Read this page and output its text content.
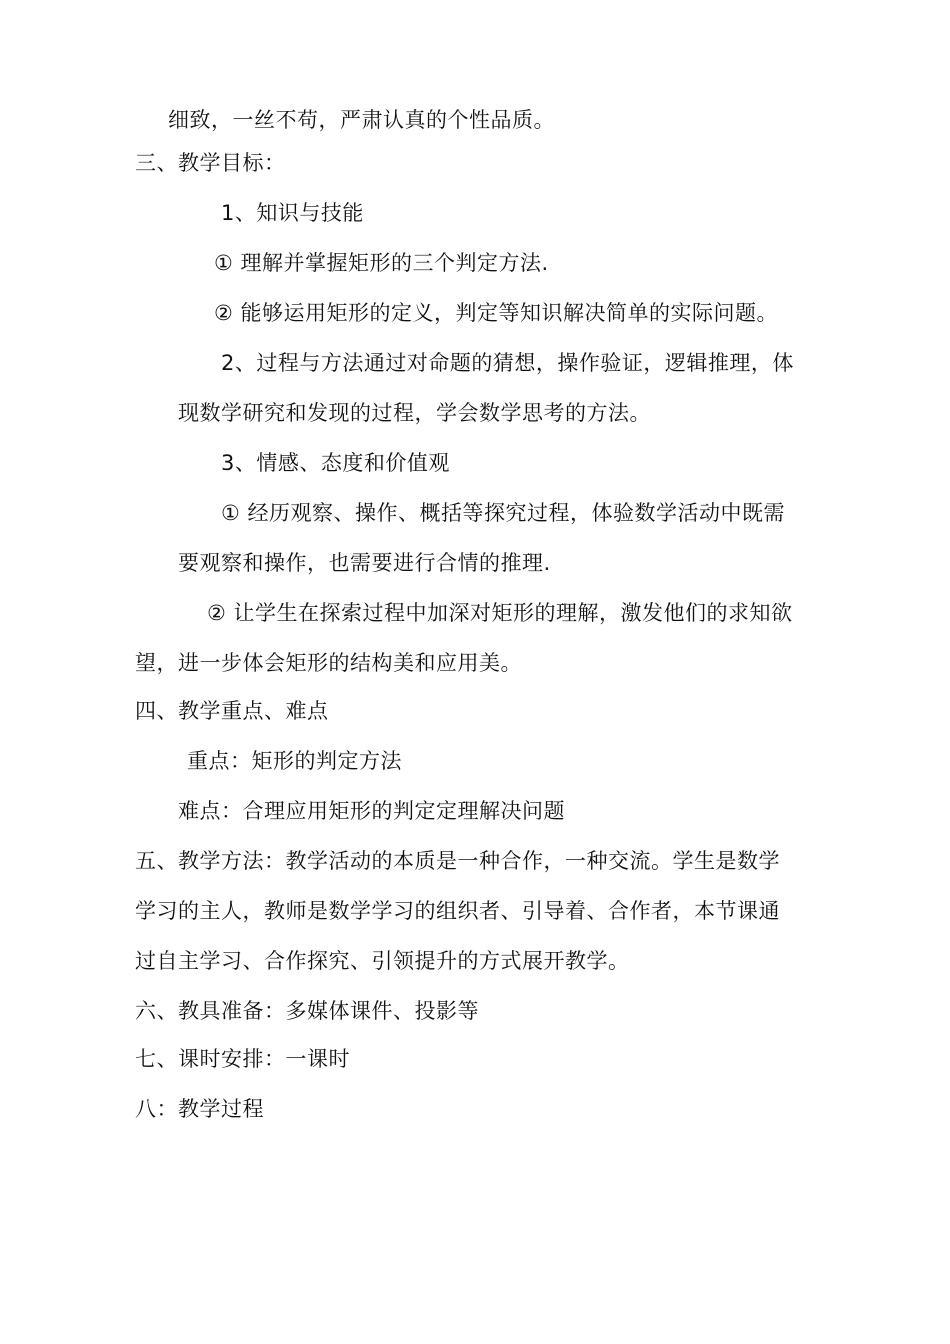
细致，一丝不苟，严肃认真的个性品质。
三、教学目标：
1、知识与技能
① 理解并掌握矩形的三个判定方法.
② 能够运用矩形的定义，判定等知识解决简单的实际问题。
2、过程与方法通过对命题的猜想，操作验证，逻辑推理，体
现数学研究和发现的过程，学会数学思考的方法。
3、情感、态度和价值观
① 经历观察、操作、概括等探究过程，体验数学活动中既需
要观察和操作，也需要进行合情的推理.
② 让学生在探索过程中加深对矩形的理解，激发他们的求知欲
望，进一步体会矩形的结构美和应用美。
四、教学重点、难点
重点：矩形的判定方法
难点：合理应用矩形的判定定理解决问题
五、教学方法：教学活动的本质是一种合作，一种交流。学生是数学
学习的主人，教师是数学学习的组织者、引导着、合作者，本节课通
过自主学习、合作探究、引领提升的方式展开教学。
六、教具准备：多媒体课件、投影等
七、课时安排：一课时
八：教学过程
